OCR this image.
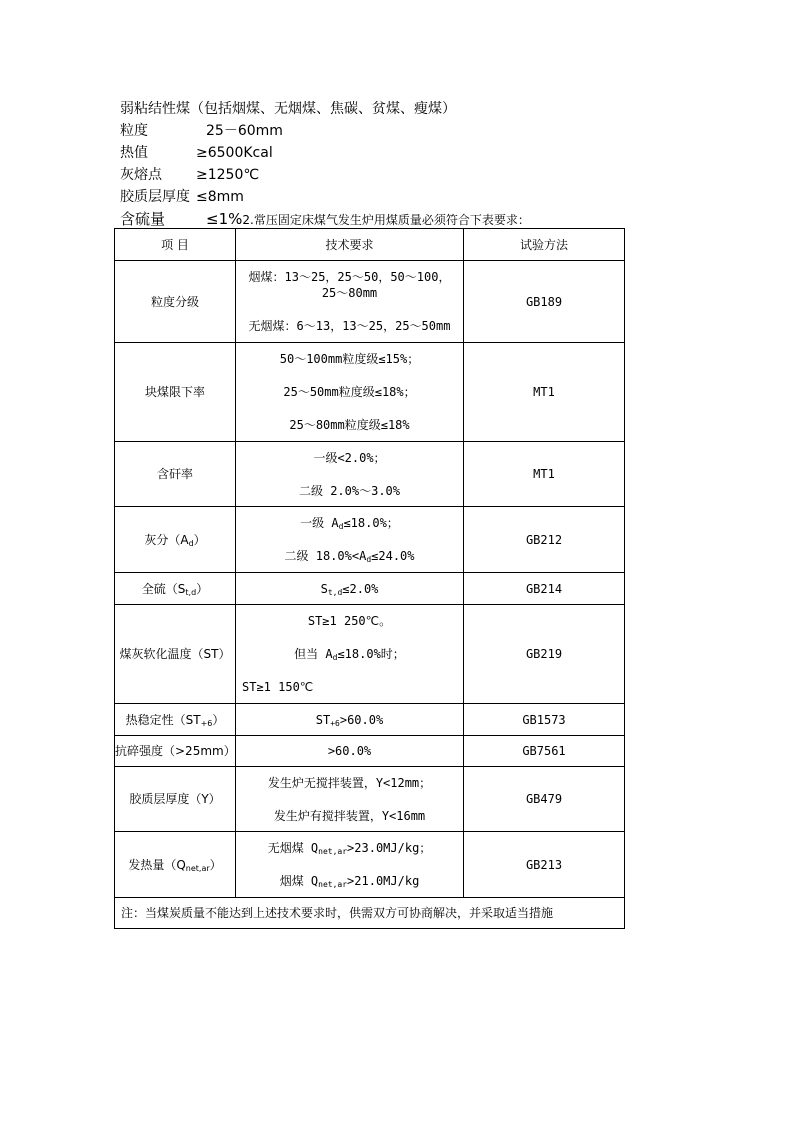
弱粘结性煤（包括烟煤、无烟煤、焦碳、贫煤、瘦煤）
粒度	25－60mm
热值	≥6500Kcal
灰熔点 ≥1250℃
胶质层厚度 ≤8mm
含硫量	≤1%2.常压固定床煤气发生炉用煤质量必须符合下表要求：
项 目	技术要求	试验方法
粒度分级	烟煤：13～25，25～50，50～100，
25～80mm
无烟煤：6～13，13～25，25～50mm	GB189
块煤限下率	50～100mm粒度级≤15%；
25～50mm粒度级≤18%；
25～80mm粒度级≤18%	MT1
含矸率	一级<2.0%；
二级 2.0%～3.0%	MT1
灰分$(A_d)$	一级 $A_d\le 18.0\%$；
二级 $18.0\%<A_d\le 24.0\%$	GB212
全硫$(S_{t,d})$	$S_{t,d}\le 2.0\%$	GB214
煤灰软化温度（ST）	ST≥1 250℃。
但当 $A_d\le 18.0\%$时；
ST≥1 150℃	GB219
热稳定性$(ST_{+6})$	$ST_{+6}>60.0\%$	GB1573
抗碎强度（>25mm）	>60.0%	GB7561
胶质层厚度（Y）	发生炉无搅拌装置，Y<12mm；
发生炉有搅拌装置，Y<16mm	GB479
发热量$(Q_{net,ar})$	无烟煤 $Q_{net,ar}>23.0MJ/kg$；
烟煤 $Q_{net,ar}>21.0MJ/kg$	GB213
注：当煤炭质量不能达到上述技术要求时，供需双方可协商解决，并采取适当措施		
